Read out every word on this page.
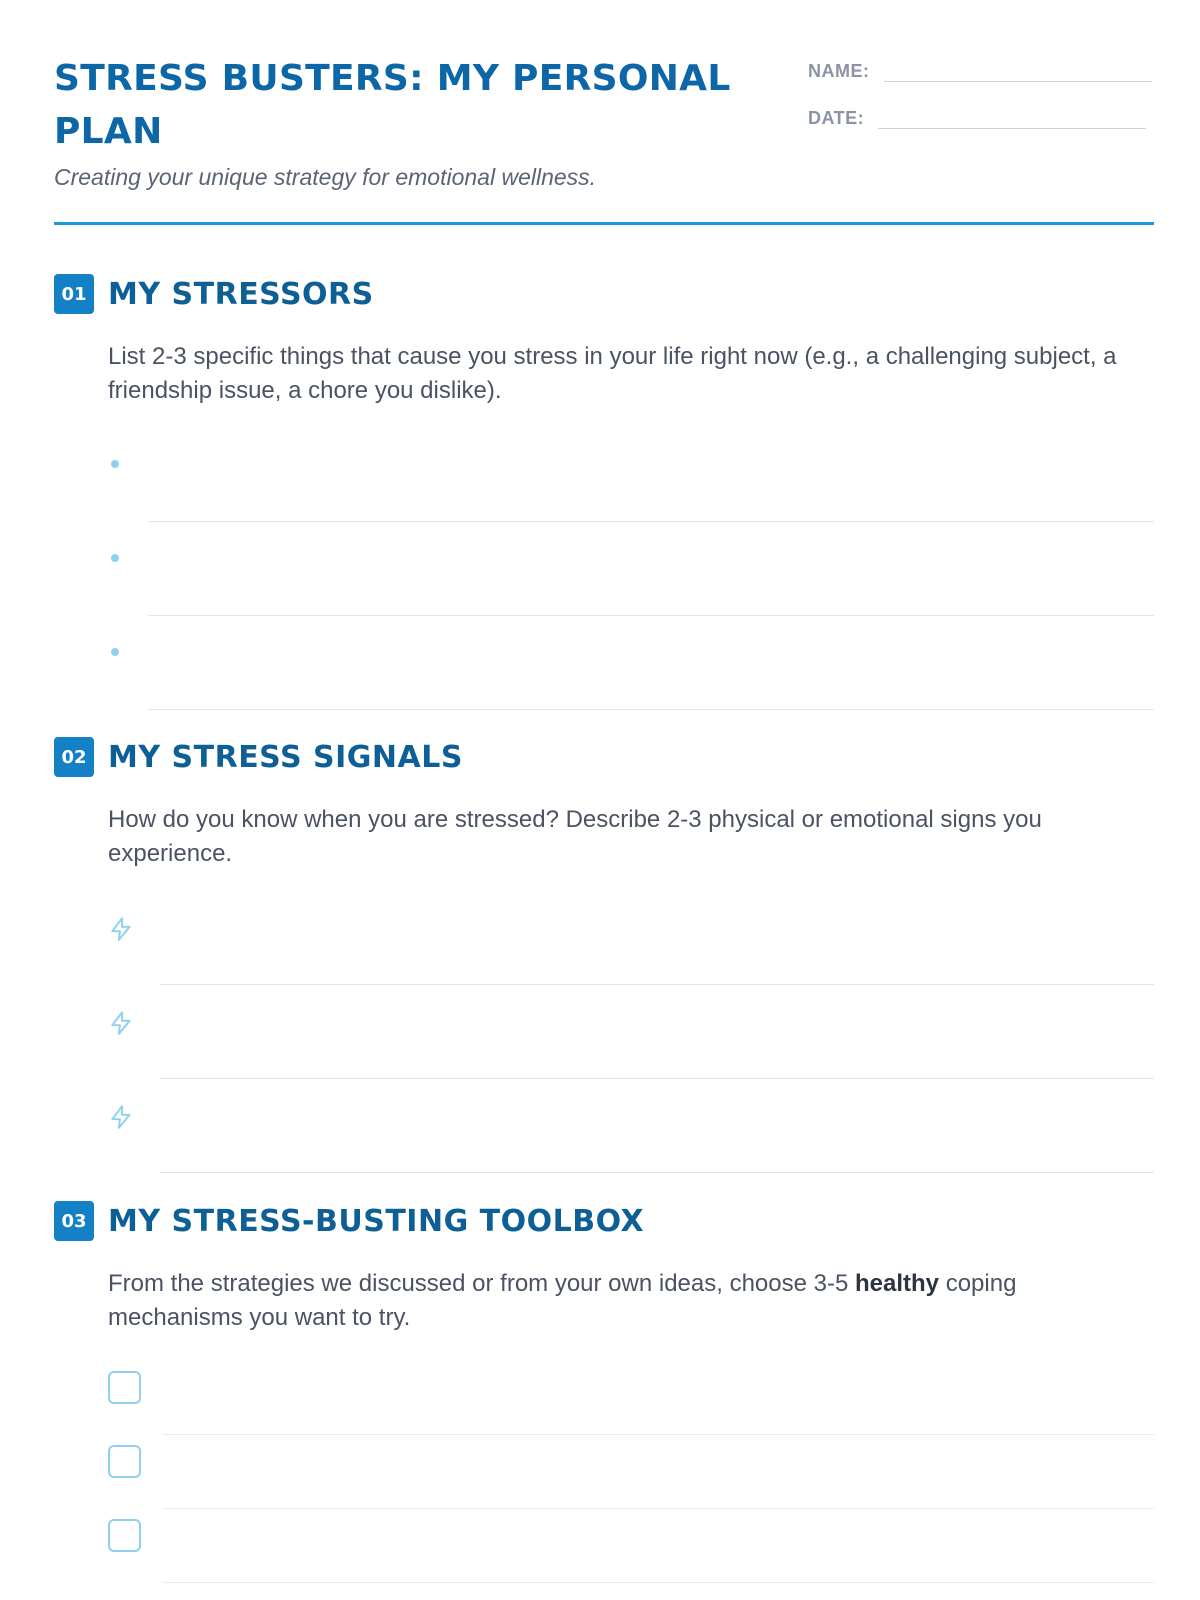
STRESS BUSTERS: MY PERSONAL PLAN
Creating your unique strategy for emotional wellness.
NAME:
DATE:
01 MY STRESSORS

List 2-3 specific things that cause you stress in your life right now (e.g., a challenging subject, a friendship issue, a chore you dislike).

02 MY STRESS SIGNALS

How do you know when you are stressed? Describe 2-3 physical or emotional signs you experience.

03 MY STRESS-BUSTING TOOLBOX

From the strategies we discussed or from your own ideas, choose 3-5 healthy coping mechanisms you want to try.
